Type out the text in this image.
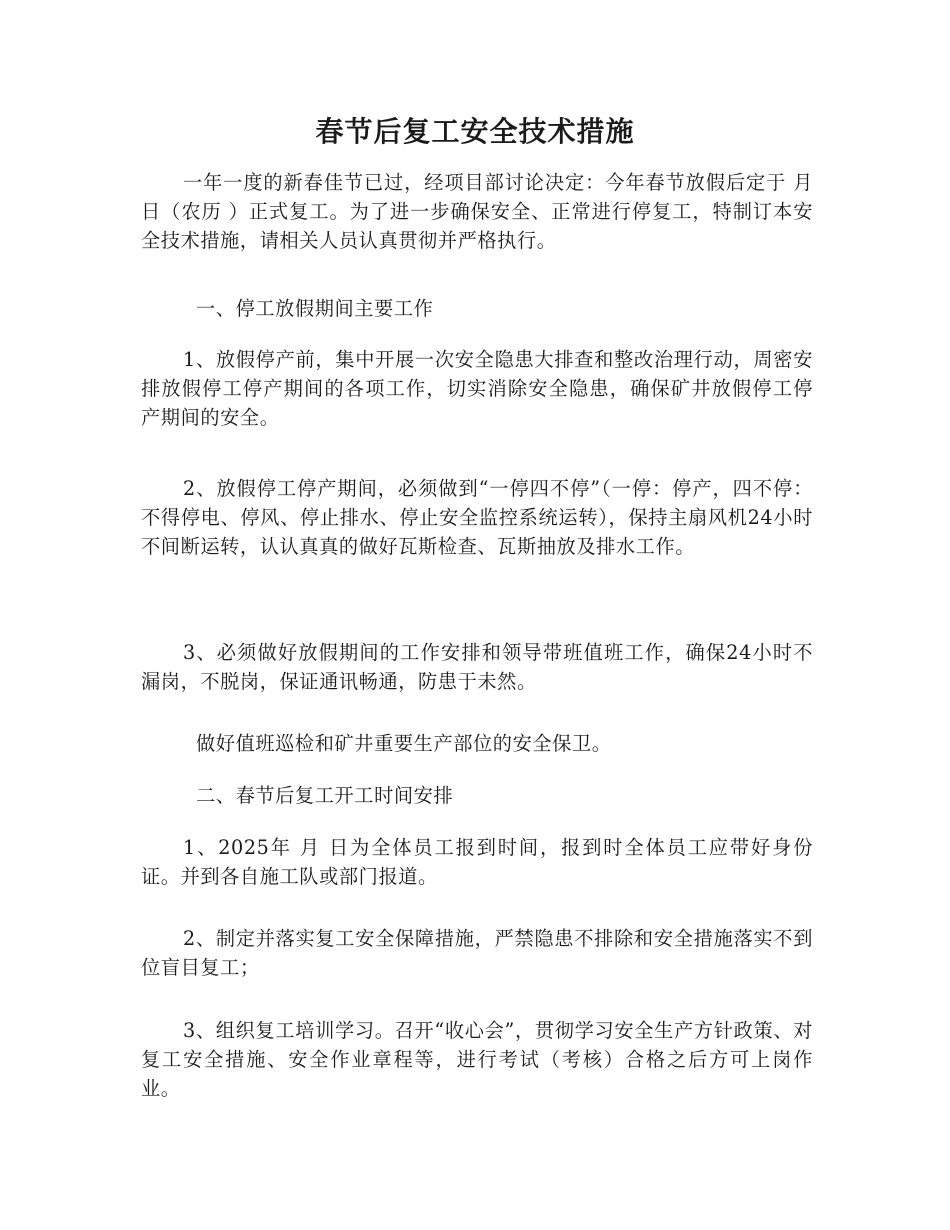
春节后复工安全技术措施

一年一度的新春佳节已过，经项目部讨论决定：今年春节放假后定于 月 日（农历 ）正式复工。为了进一步确保安全、正常进行停复工，特制订本安全技术措施，请相关人员认真贯彻并严格执行。

一、停工放假期间主要工作

1、放假停产前，集中开展一次安全隐患大排查和整改治理行动，周密安排放假停工停产期间的各项工作，切实消除安全隐患，确保矿井放假停工停产期间的安全。

2、放假停工停产期间，必须做到“一停四不停”（一停：停产，四不停：不得停电、停风、停止排水、停止安全监控系统运转），保持主扇风机24小时不间断运转，认认真真的做好瓦斯检查、瓦斯抽放及排水工作。

3、必须做好放假期间的工作安排和领导带班值班工作，确保24小时不漏岗，不脱岗，保证通讯畅通，防患于未然。

做好值班巡检和矿井重要生产部位的安全保卫。

二、春节后复工开工时间安排

1、2025年 月 日为全体员工报到时间，报到时全体员工应带好身份证。并到各自施工队或部门报道。

2、制定并落实复工安全保障措施，严禁隐患不排除和安全措施落实不到位盲目复工；

3、组织复工培训学习。召开“收心会”，贯彻学习安全生产方针政策、对复工安全措施、安全作业章程等，进行考试（考核）合格之后方可上岗作业。
